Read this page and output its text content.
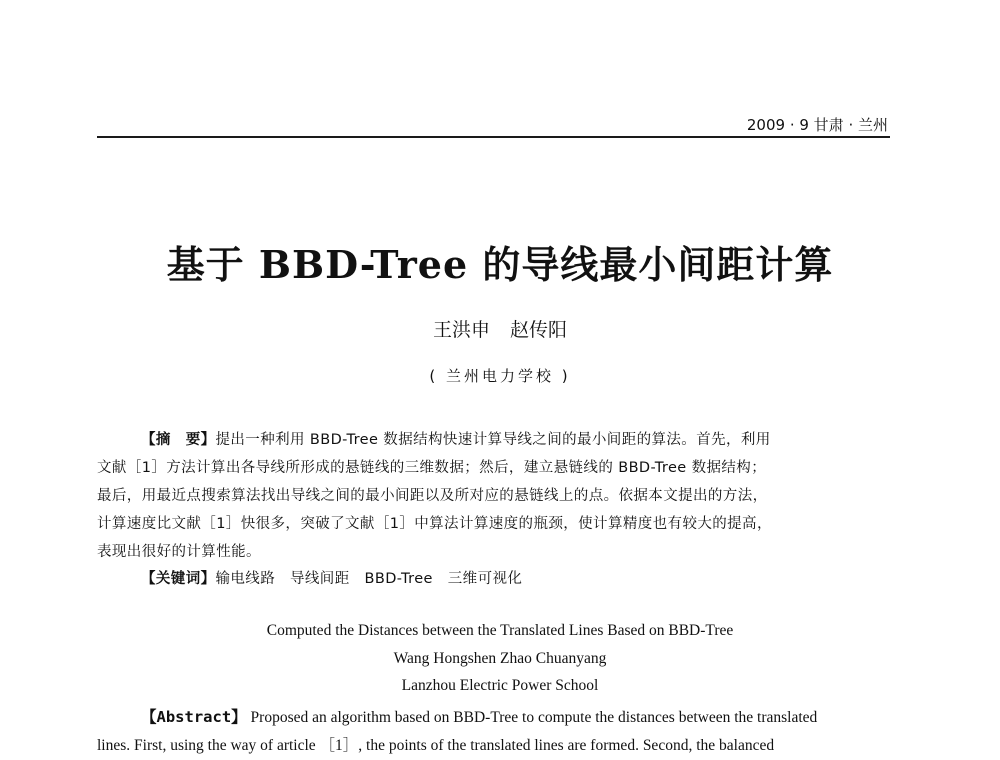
2009 · 9 甘肃 · 兰州
基于 BBD-Tree 的导线最小间距计算
王洪申 赵传阳
( 兰州电力学校 )
【摘　要】提出一种利用 BBD-Tree 数据结构快速计算导线之间的最小间距的算法。首先，利用
文献［1］方法计算出各导线所形成的悬链线的三维数据；然后，建立悬链线的 BBD-Tree 数据结构；
最后，用最近点搜索算法找出导线之间的最小间距以及所对应的悬链线上的点。依据本文提出的方法，
计算速度比文献［1］快很多，突破了文献［1］中算法计算速度的瓶颈，使计算精度也有较大的提高，
表现出很好的计算性能。
【关键词】输电线路　导线间距　BBD-Tree　三维可视化
Computed the Distances between the Translated Lines Based on BBD-Tree
Wang Hongshen Zhao Chuanyang
Lanzhou Electric Power School
【Abstract】 Proposed an algorithm based on BBD-Tree to compute the distances between the translated
lines. First, using the way of article ［1］, the points of the translated lines are formed. Second, the balanced
